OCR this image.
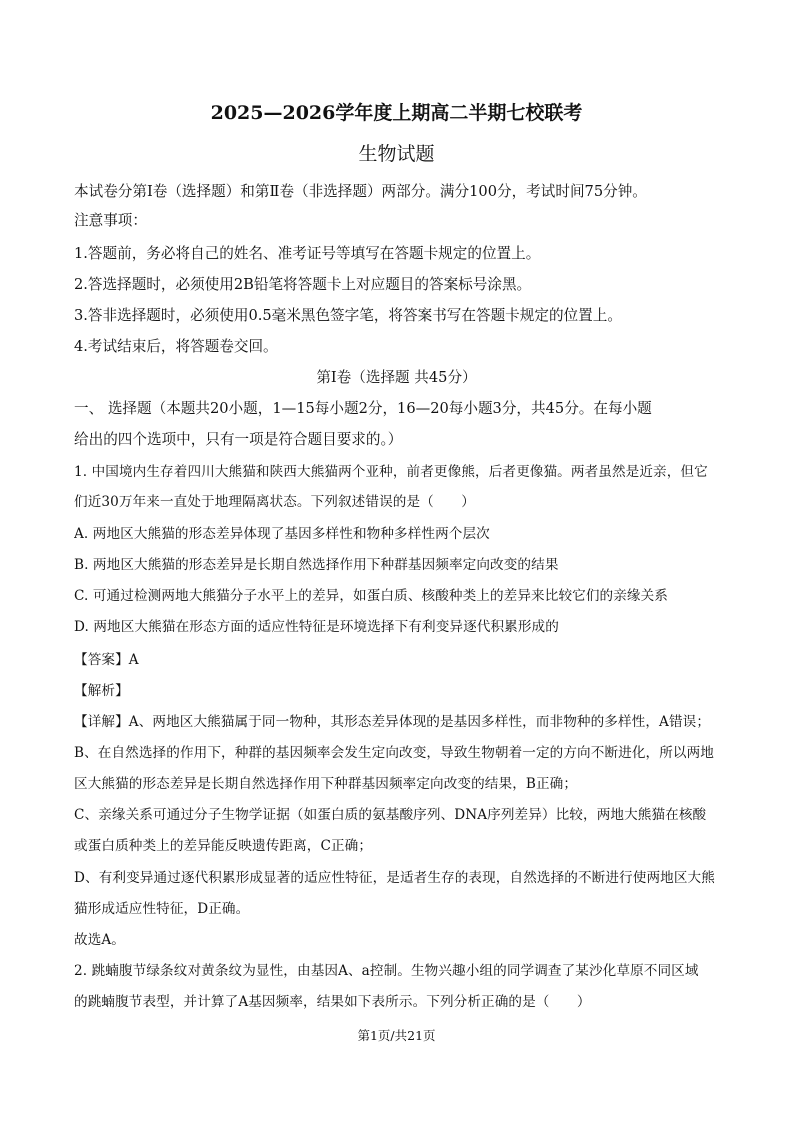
2025—2026学年度上期高二半期七校联考
生物试题
本试卷分第Ⅰ卷（选择题）和第Ⅱ卷（非选择题）两部分。满分100分，考试时间75分钟。
注意事项：
1.答题前，务必将自己的姓名、准考证号等填写在答题卡规定的位置上。
2.答选择题时，必须使用2B铅笔将答题卡上对应题目的答案标号涂黑。
3.答非选择题时，必须使用0.5毫米黑色签字笔，将答案书写在答题卡规定的位置上。
4.考试结束后，将答题卷交回。
第Ⅰ卷（选择题 共45分）
一、 选择题（本题共20小题，1—15每小题2分，16—20每小题3分，共45分。在每小题
给出的四个选项中，只有一项是符合题目要求的。）
1. 中国境内生存着四川大熊猫和陕西大熊猫两个亚种，前者更像熊，后者更像猫。两者虽然是近亲，但它
们近30万年来一直处于地理隔离状态。下列叙述错误的是（　　）
A. 两地区大熊猫的形态差异体现了基因多样性和物种多样性两个层次
B. 两地区大熊猫的形态差异是长期自然选择作用下种群基因频率定向改变的结果
C. 可通过检测两地大熊猫分子水平上的差异，如蛋白质、核酸种类上的差异来比较它们的亲缘关系
D. 两地区大熊猫在形态方面的适应性特征是环境选择下有利变异逐代积累形成的
【答案】A
【解析】
【详解】A、两地区大熊猫属于同一物种，其形态差异体现的是基因多样性，而非物种的多样性，A错误；
B、在自然选择的作用下，种群的基因频率会发生定向改变，导致生物朝着一定的方向不断进化，所以两地
区大熊猫的形态差异是长期自然选择作用下种群基因频率定向改变的结果，B正确；
C、亲缘关系可通过分子生物学证据（如蛋白质的氨基酸序列、DNA序列差异）比较，两地大熊猫在核酸
或蛋白质种类上的差异能反映遗传距离，C正确；
D、有利变异通过逐代积累形成显著的适应性特征，是适者生存的表现，自然选择的不断进行使两地区大熊
猫形成适应性特征，D正确。
故选A。
2. 跳蝻腹节绿条纹对黄条纹为显性，由基因A、a控制。生物兴趣小组的同学调查了某沙化草原不同区域
的跳蝻腹节表型，并计算了A基因频率，结果如下表所示。下列分析正确的是（　　）
第1页/共21页
